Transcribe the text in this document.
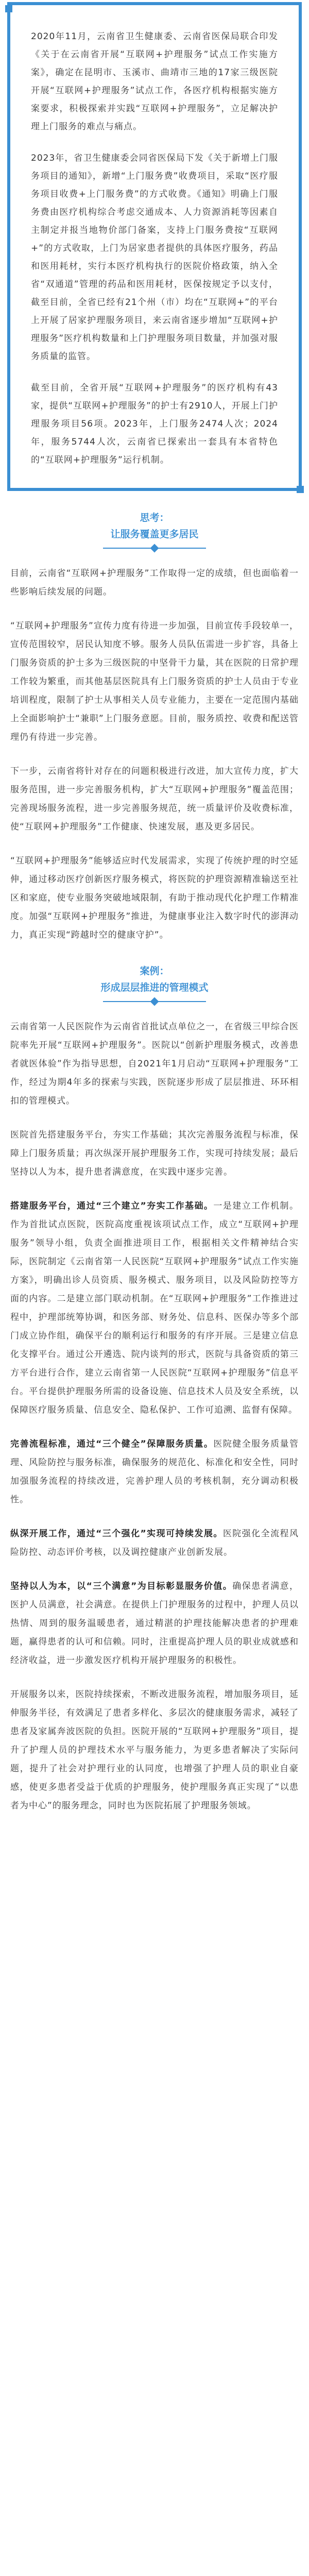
2020年11月，云南省卫生健康委、云南省医保局联合印发《关于在云南省开展“互联网+护理服务”试点工作实施方案》，确定在昆明市、玉溪市、曲靖市三地的17家三级医院开展“互联网+护理服务”试点工作，各医疗机构根据实施方案要求，积极探索并实践“互联网+护理服务”，立足解决护理上门服务的难点与痛点。

2023年，省卫生健康委会同省医保局下发《关于新增上门服务项目的通知》，新增“上门服务费”收费项目，采取“医疗服务项目收费+上门服务费”的方式收费。《通知》明确上门服务费由医疗机构综合考虑交通成本、人力资源消耗等因素自主制定并报当地物价部门备案，支持上门服务费按“互联网+”的方式收取，上门为居家患者提供的具体医疗服务，药品和医用耗材，实行本医疗机构执行的医院价格政策，纳入全省“双通道”管理的药品和医用耗材，医保按规定予以支付，截至目前，全省已经有21个州（市）均在“互联网+”的平台上开展了居家护理服务项目，来云南省逐步增加“互联网+护理服务”医疗机构数量和上门护理服务项目数量，并加强对服务质量的监管。

截至目前，全省开展“互联网+护理服务”的医疗机构有43家，提供“互联网+护理服务”的护士有2910人，开展上门护理服务项目56项。2023年，上门服务2474人次；2024年，服务5744人次，云南省已探索出一套具有本省特色的“互联网+护理服务”运行机制。

思考：
让服务覆盖更多居民

目前，云南省“互联网+护理服务”工作取得一定的成绩，但也面临着一些影响后续发展的问题。

“互联网+护理服务”宣传力度有待进一步加强，目前宣传手段较单一，宣传范围较窄，居民认知度不够。服务人员队伍需进一步扩容，具备上门服务资质的护士多为三级医院的中坚骨干力量，其在医院的日常护理工作较为繁重，而其他基层医院具有上门服务资质的护士人员由于专业培训程度，限制了护士从事相关人员专业能力，主要在一定范围内基础上全面影响护士“兼职”上门服务意愿。目前，服务质控、收费和配送管理仍有待进一步完善。

下一步，云南省将针对存在的问题积极进行改进，加大宣传力度，扩大服务范围，进一步完善服务机构，扩大“互联网+护理服务”覆盖范围；完善现场服务流程，进一步完善服务规范，统一质量评价及收费标准，使“互联网+护理服务”工作健康、快速发展，惠及更多居民。

“互联网+护理服务”能够适应时代发展需求，实现了传统护理的时空延伸，通过移动医疗创新医疗服务模式，将医院的护理资源精准输送至社区和家庭，使专业服务突破地域限制，有助于推动现代化护理工作精准度。加强“互联网+护理服务”推进，为健康事业注入数字时代的澎湃动力，真正实现“跨越时空的健康守护”。

案例：
形成层层推进的管理模式

云南省第一人民医院作为云南省首批试点单位之一，在省级三甲综合医院率先开展“互联网+护理服务”。医院以“创新护理服务模式，改善患者就医体验”作为指导思想，自2021年1月启动“互联网+护理服务”工作，经过为期4年多的探索与实践，医院逐步形成了层层推进、环环相扣的管理模式。

医院首先搭建服务平台，夯实工作基础；其次完善服务流程与标准，保障上门服务质量；再次纵深开展护理服务工作，实现可持续发展；最后坚持以人为本，提升患者满意度，在实践中逐步完善。

搭建服务平台，通过“三个建立”夯实工作基础。一是建立工作机制。作为首批试点医院，医院高度重视该项试点工作，成立“互联网+护理服务”领导小组，负责全面推进项目工作，根据相关文件精神结合实际，医院制定《云南省第一人民医院“互联网+护理服务”试点工作实施方案》，明确出诊人员资质、服务模式、服务项目，以及风险防控等方面的内容。二是建立部门联动机制。在“互联网+护理服务”工作推进过程中，护理部统筹协调，和医务部、财务处、信息科、医保办等多个部门成立协作组，确保平台的顺利运行和服务的有序开展。三是建立信息化支撑平台。通过公开遴选、院内谈判的形式，医院与具备资质的第三方平台进行合作，建立云南省第一人民医院“互联网+护理服务”信息平台。平台提供护理服务所需的设备设施、信息技术人员及安全系统，以保障医疗服务质量、信息安全、隐私保护、工作可追溯、监督有保障。

完善流程标准，通过“三个健全”保障服务质量。医院健全服务质量管理、风险防控与服务标准，确保服务的规范化、标准化和安全性，同时加强服务流程的持续改进，完善护理人员的考核机制，充分调动积极性。

纵深开展工作，通过“三个强化”实现可持续发展。医院强化全流程风险防控、动态评价考核，以及调控健康产业创新发展。

坚持以人为本，以“三个满意”为目标彰显服务价值。确保患者满意，医护人员满意，社会满意。在提供上门护理服务的过程中，护理人员以热情、周到的服务温暖患者，通过精湛的护理技能解决患者的护理难题，赢得患者的认可和信赖。同时，注重提高护理人员的职业成就感和经济收益，进一步激发医疗机构开展护理服务的积极性。

开展服务以来，医院持续探索，不断改进服务流程，增加服务项目，延伸服务半径，有效满足了患者多样化、多层次的健康服务需求，减轻了患者及家属奔波医院的负担。医院开展的“互联网+护理服务”项目，提升了护理人员的护理技术水平与服务能力，为更多患者解决了实际问题，提升了社会对护理行业的认同度，也增强了护理人员的职业自豪感，使更多患者受益于优质的护理服务，使护理服务真正实现了“以患者为中心”的服务理念，同时也为医院拓展了护理服务领域。
